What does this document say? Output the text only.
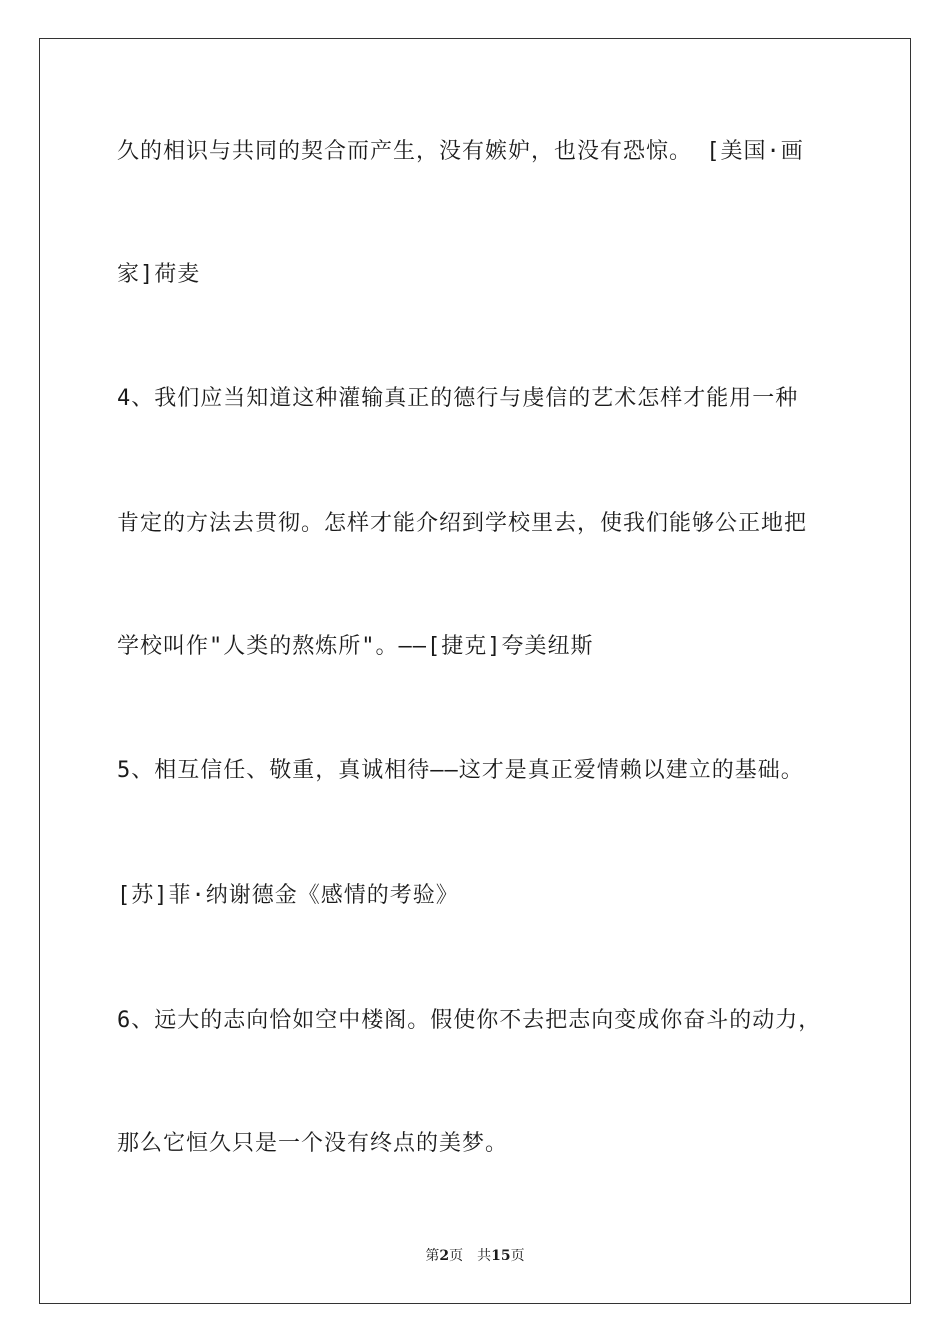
久的相识与共同的契合而产生，没有嫉妒，也没有恐惊。 [美国·画
家]荷麦
4、我们应当知道这种灌输真正的德行与虔信的艺术怎样才能用一种
肯定的方法去贯彻。怎样才能介绍到学校里去，使我们能够公正地把
学校叫作"人类的熬炼所"。——[捷克]夸美纽斯
5、相互信任、敬重，真诚相待——这才是真正爱情赖以建立的基础。
[苏]菲·纳谢德金《感情的考验》
6、远大的志向恰如空中楼阁。假使你不去把志向变成你奋斗的动力，
那么它恒久只是一个没有终点的美梦。
第2页 共15页
